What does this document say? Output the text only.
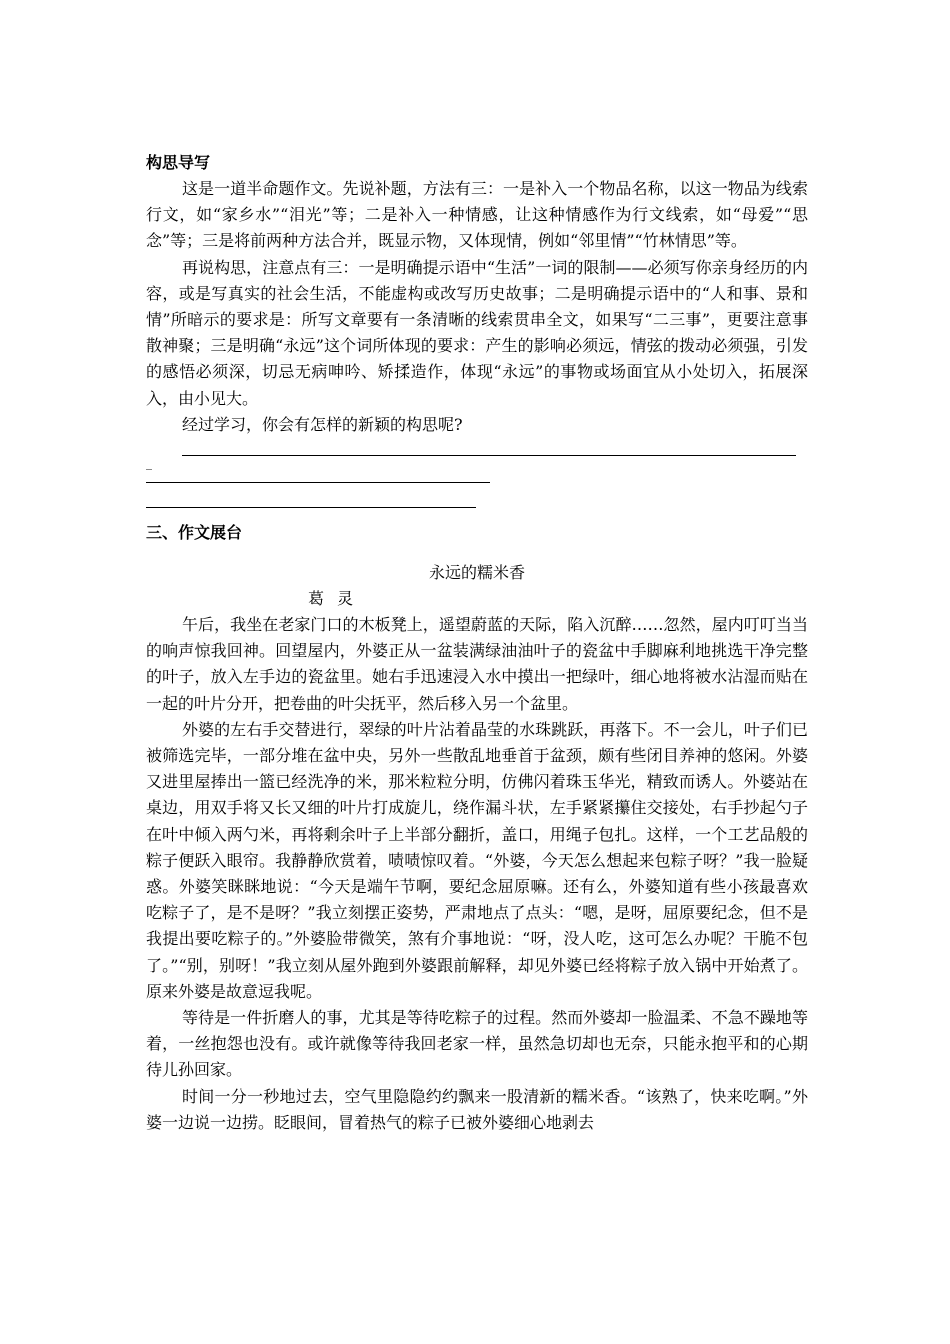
构思导写

这是一道半命题作文。先说补题，方法有三：一是补入一个物品名称，以这一物品为线索行文，如“家乡水”“泪光”等；二是补入一种情感，让这种情感作为行文线索，如“母爱”“思念”等；三是将前两种方法合并，既显示物，又体现情，例如“邻里情”“竹林情思”等。

再说构思，注意点有三：一是明确提示语中“生活”一词的限制——必须写你亲身经历的内容，或是写真实的社会生活，不能虚构或改写历史故事；二是明确提示语中的“人和事、景和情”所暗示的要求是：所写文章要有一条清晰的线索贯串全文，如果写“二三事”，更要注意事散神聚；三是明确“永远”这个词所体现的要求：产生的影响必须远，情弦的拨动必须强，引发的感悟必须深，切忌无病呻吟、矫揉造作，体现“永远”的事物或场面宜从小处切入，拓展深入，由小见大。

经过学习，你会有怎样的新颖的构思呢?

_
三、作文展台
永远的糯米香
葛 灵

午后，我坐在老家门口的木板凳上，遥望蔚蓝的天际，陷入沉醉……忽然，屋内叮叮当当的响声惊我回神。回望屋内，外婆正从一盆装满绿油油叶子的瓷盆中手脚麻利地挑选干净完整的叶子，放入左手边的瓷盆里。她右手迅速浸入水中摸出一把绿叶，细心地将被水沾湿而贴在一起的叶片分开，把卷曲的叶尖抚平，然后移入另一个盆里。

外婆的左右手交替进行，翠绿的叶片沾着晶莹的水珠跳跃，再落下。不一会儿，叶子们已被筛选完毕，一部分堆在盆中央，另外一些散乱地垂首于盆颈，颇有些闭目养神的悠闲。外婆又进里屋捧出一篮已经洗净的米，那米粒粒分明，仿佛闪着珠玉华光，精致而诱人。外婆站在桌边，用双手将又长又细的叶片打成旋儿，绕作漏斗状，左手紧紧攥住交接处，右手抄起勺子在叶中倾入两勺米，再将剩余叶子上半部分翻折，盖口，用绳子包扎。这样，一个工艺品般的粽子便跃入眼帘。我静静欣赏着，啧啧惊叹着。“外婆，今天怎么想起来包粽子呀？”我一脸疑惑。外婆笑眯眯地说：“今天是端午节啊，要纪念屈原嘛。还有么，外婆知道有些小孩最喜欢吃粽子了，是不是呀？”我立刻摆正姿势，严肃地点了点头：“嗯，是呀，屈原要纪念，但不是我提出要吃粽子的。”外婆脸带微笑，煞有介事地说：“呀，没人吃，这可怎么办呢？干脆不包了。”“别，别呀！”我立刻从屋外跑到外婆跟前解释，却见外婆已经将粽子放入锅中开始煮了。原来外婆是故意逗我呢。

等待是一件折磨人的事，尤其是等待吃粽子的过程。然而外婆却一脸温柔、不急不躁地等着，一丝抱怨也没有。或许就像等待我回老家一样，虽然急切却也无奈，只能永抱平和的心期待儿孙回家。

时间一分一秒地过去，空气里隐隐约约飘来一股清新的糯米香。“该熟了，快来吃啊。”外婆一边说一边捞。眨眼间，冒着热气的粽子已被外婆细心地剥去
